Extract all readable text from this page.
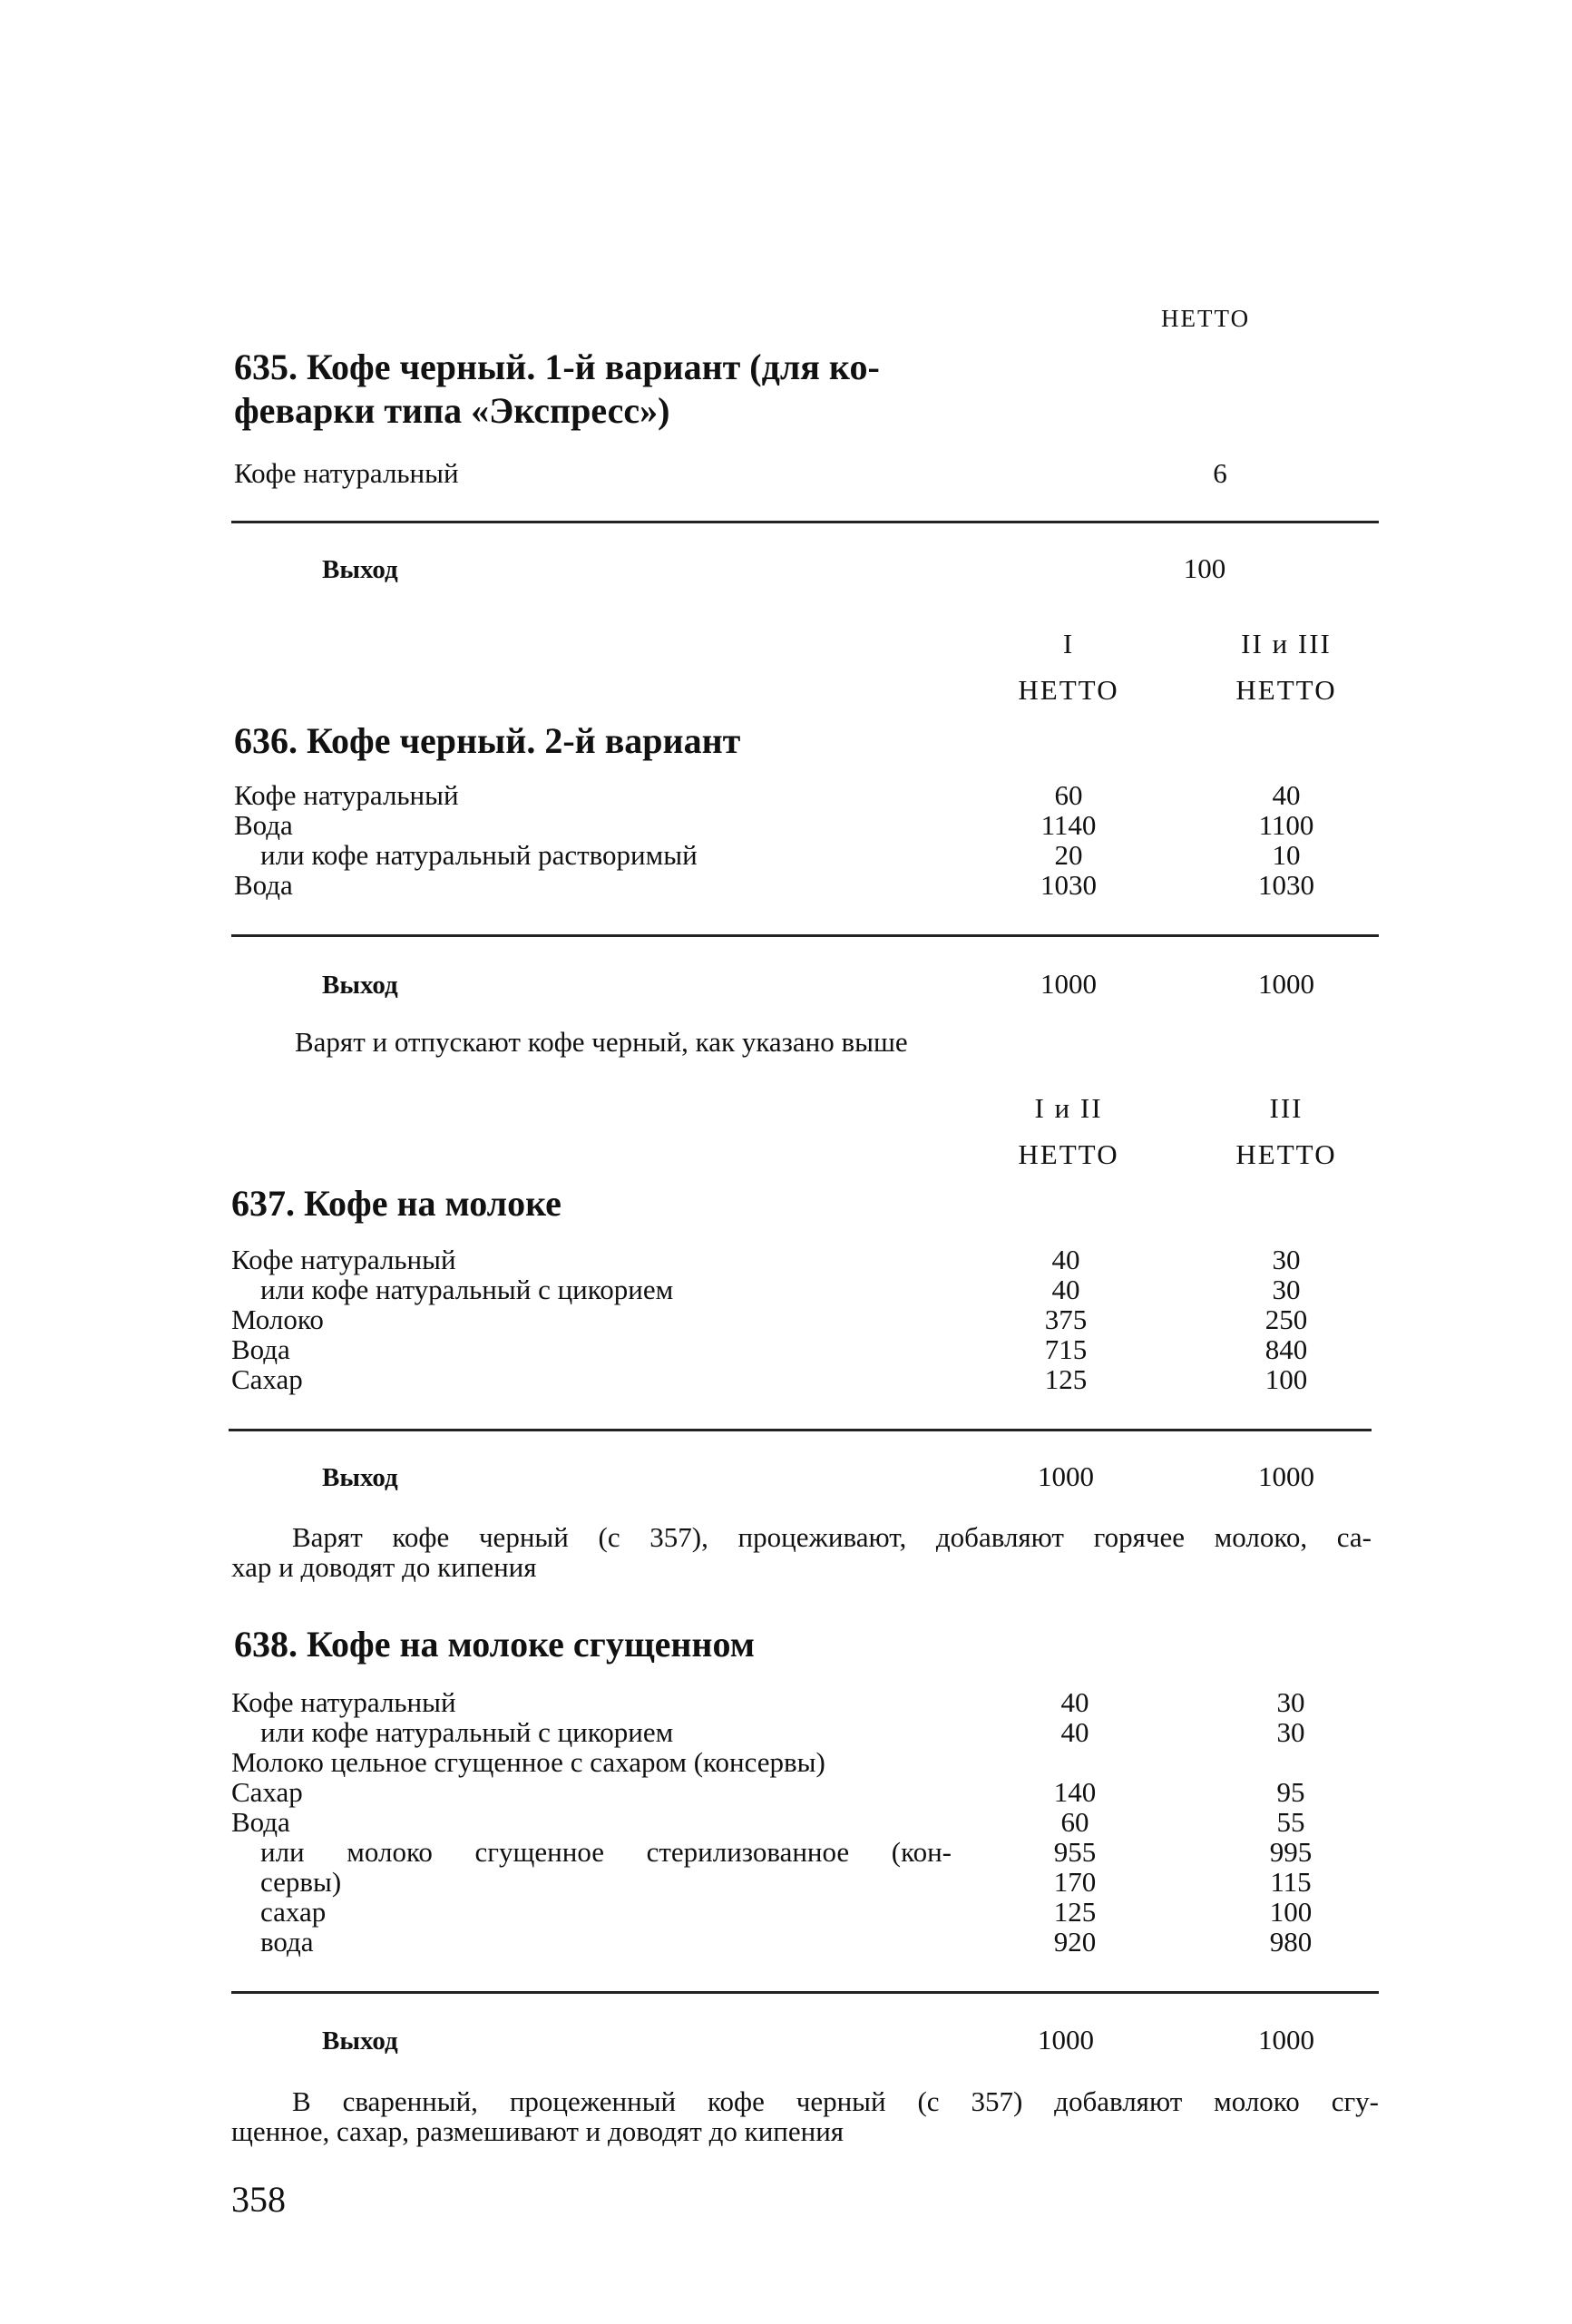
НЕТТО
635. Кофе черный. 1-й вариант (для ко-
феварки типа «Экспресс»)
Кофе натуральный	6
Выход	100
I	II и III
НЕТТО	НЕТТО
636. Кофе черный. 2-й вариант
Кофе натуральный	60	40
Вода	1140	1100
или кофе натуральный растворимый	20	10
Вода	1030	1030
Выход	1000	1000
Варят и отпускают кофе черный, как указано выше
I и II	III
НЕТТО	НЕТТО
637. Кофе на молоке
Кофе натуральный	40	30
или кофе натуральный с цикорием	40	30
Молоко	375	250
Вода	715	840
Сахар	125	100
Выход	1000	1000
Варят кофе черный (с 357), процеживают, добавляют горячее молоко, са-
хар и доводят до кипения
638. Кофе на молоке сгущенном
Кофе натуральный	40	30
или кофе натуральный с цикорием	40	30
Молоко цельное сгущенное с сахаром (консервы)
Сахар	140	95
Вода	60	55
или молоко сгущенное стерилизованное (кон-	955	995
сервы)	170	115
сахар	125	100
вода	920	980
Выход	1000	1000
В сваренный, процеженный кофе черный (с 357) добавляют молоко сгу-
щенное, сахар, размешивают и доводят до кипения
358
